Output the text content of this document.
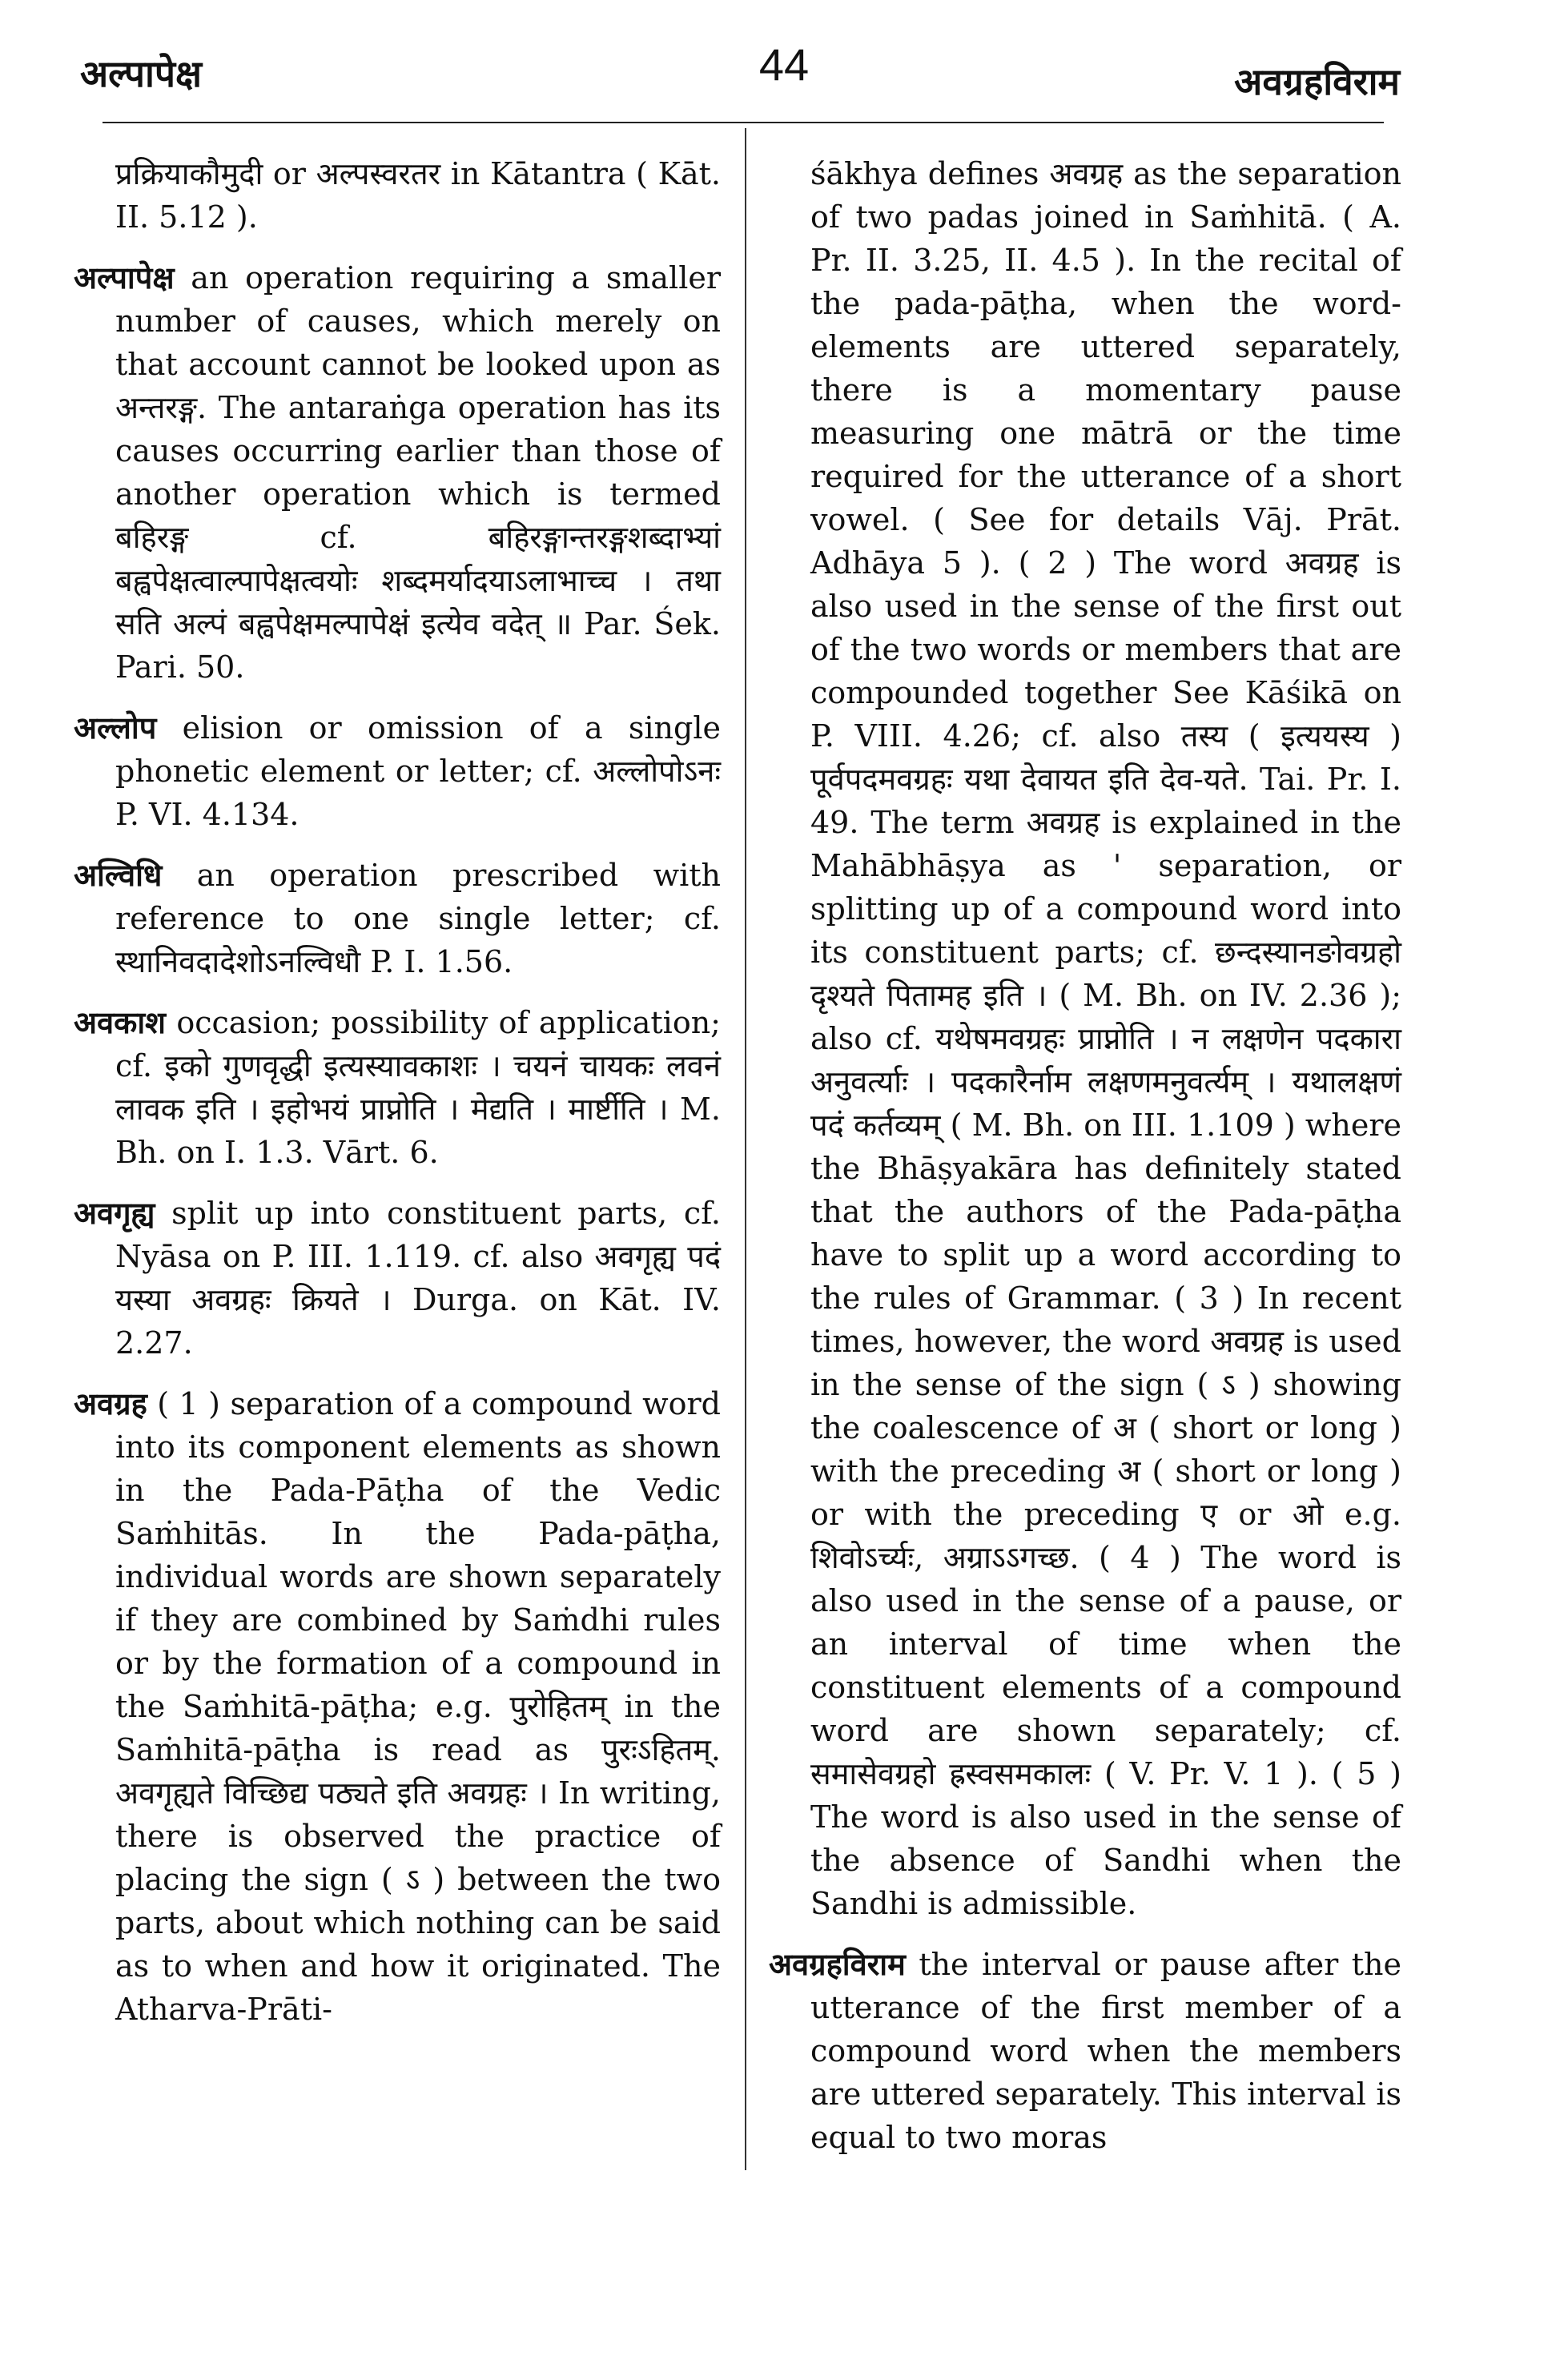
अल्पापेक्ष	44	अवग्रहविराम

प्रक्रियाकौमुदी or अल्पस्वरतर in Kātantra ( Kāt. II. 5.12 ).

अल्पापेक्ष an operation requiring a smaller number of causes, which merely on that account cannot be looked upon as अन्तरङ्ग. The antaraṅga operation has its causes occurring earlier than those of another operation which is termed बहिरङ्ग cf. बहिरङ्गान्तरङ्गशब्दाभ्यां बह्वपेक्षत्वाल्पापेक्षत्वयोः शब्दमर्यादयाऽलाभाच्च । तथा सति अल्पं बह्वपेक्षमल्पापेक्षं इत्येव वदेत् ॥ Par. Śek. Pari. 50.

अल्लोप elision or omission of a single phonetic element or letter; cf. अल्लोपोऽनः P. VI. 4.134.

अल्विधि an operation prescribed with reference to one single letter; cf. स्थानिवदादेशोऽनल्विधौ P. I. 1.56.

अवकाश occasion; possibility of application; cf. इको गुणवृद्धी इत्यस्यावकाशः । चयनं चायकः लवनं लावक इति । इहोभयं प्राप्नोति । मेद्यति । मार्ष्टीति । M. Bh. on I. 1.3. Vārt. 6.

अवगृह्य split up into constituent parts, cf. Nyāsa on P. III. 1.119. cf. also अवगृह्य पदं यस्या अवग्रहः क्रियते । Durga. on Kāt. IV. 2.27.

अवग्रह ( 1 ) separation of a compound word into its component elements as shown in the Pada-Pāṭha of the Vedic Saṁhitās. In the Pada-pāṭha, individual words are shown separately if they are combined by Saṁdhi rules or by the formation of a compound in the Saṁhitā-pāṭha; e.g. पुरोहितम् in the Saṁhitā-pāṭha is read as पुरःऽहितम्. अवगृह्यते विच्छिद्य पठ्यते इति अवग्रहः । In writing, there is observed the practice of placing the sign ( ऽ ) between the two parts, about which nothing can be said as to when and how it originated. The Atharva-Prāti-

śākhya defines अवग्रह as the separation of two padas joined in Saṁhitā. ( A. Pr. II. 3.25, II. 4.5 ). In the recital of the pada-pāṭha, when the word-elements are uttered separately, there is a momentary pause measuring one mātrā or the time required for the utterance of a short vowel. ( See for details Vāj. Prāt. Adhāya 5 ). ( 2 ) The word अवग्रह is also used in the sense of the first out of the two words or members that are compounded together See Kāśikā on P. VIII. 4.26; cf. also तस्य ( इत्ययस्य ) पूर्वपदमवग्रहः यथा देवायत इति देव-यते. Tai. Pr. I. 49. The term अवग्रह is explained in the Mahābhāṣya as ' separation, or splitting up of a compound word into its constituent parts; cf. छन्दस्यानङोवग्रहो दृश्यते पितामह इति । ( M. Bh. on IV. 2.36 ); also cf. यथेषमवग्रहः प्राप्नोति । न लक्षणेन पदकारा अनुवर्त्याः । पदकारैर्नाम लक्षणमनुवर्त्यम् । यथालक्षणं पदं कर्तव्यम् ( M. Bh. on III. 1.109 ) where the Bhāṣyakāra has definitely stated that the authors of the Pada-pāṭha have to split up a word according to the rules of Grammar. ( 3 ) In recent times, however, the word अवग्रह is used in the sense of the sign ( ऽ ) showing the coalescence of अ ( short or long ) with the preceding अ ( short or long ) or with the preceding ए or ओ e.g. शिवोऽर्च्यः, अग्राऽऽगच्छ. ( 4 ) The word is also used in the sense of a pause, or an interval of time when the constituent elements of a compound word are shown separately; cf. समासेवग्रहो ह्रस्वसमकालः ( V. Pr. V. 1 ). ( 5 ) The word is also used in the sense of the absence of Sandhi when the Sandhi is admissible.

अवग्रहविराम the interval or pause after the utterance of the first member of a compound word when the members are uttered separately. This interval is equal to two moras
